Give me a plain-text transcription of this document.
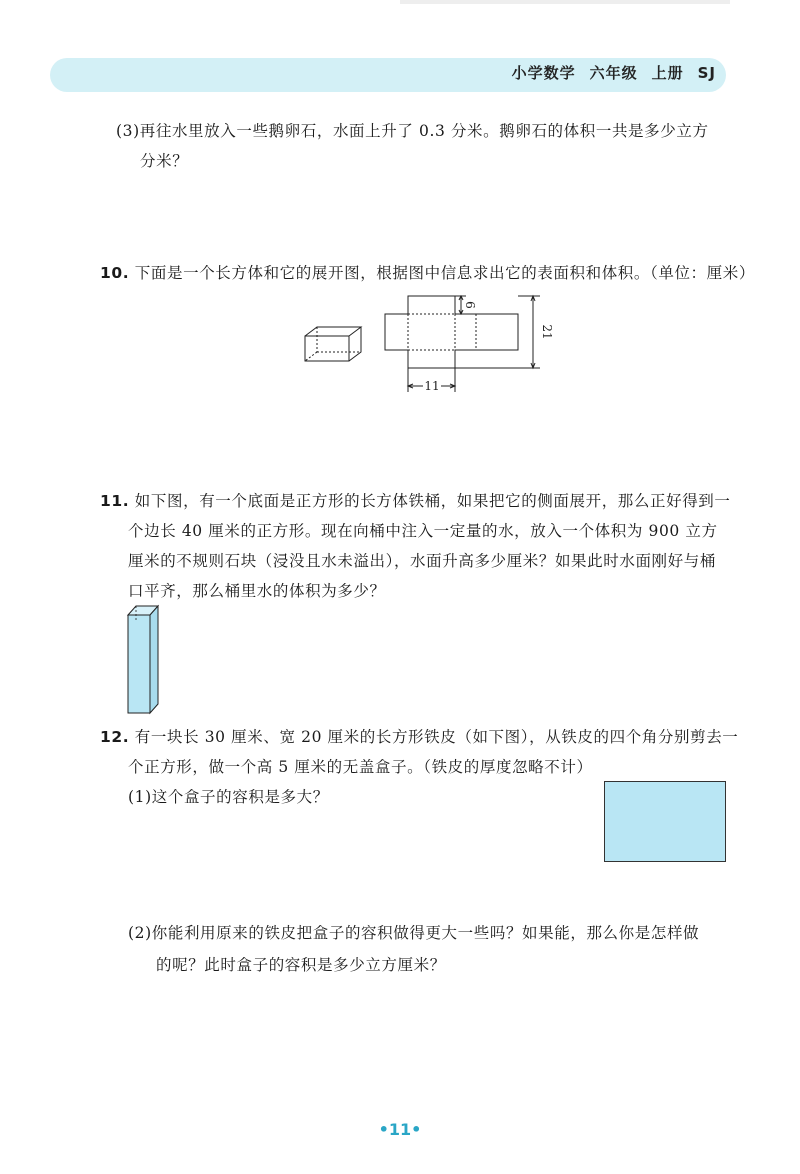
小学数学 六年级 上册 SJ
(3)再往水里放入一些鹅卵石，水面上升了 0.3 分米。鹅卵石的体积一共是多少立方
分米？
10. 下面是一个长方体和它的展开图，根据图中信息求出它的表面积和体积。（单位：厘米）
6
21
11
11. 如下图，有一个底面是正方形的长方体铁桶，如果把它的侧面展开，那么正好得到一
个边长 40 厘米的正方形。现在向桶中注入一定量的水，放入一个体积为 900 立方
厘米的不规则石块（浸没且水未溢出），水面升高多少厘米？如果此时水面刚好与桶
口平齐，那么桶里水的体积为多少？
12. 有一块长 30 厘米、宽 20 厘米的长方形铁皮（如下图），从铁皮的四个角分别剪去一
个正方形，做一个高 5 厘米的无盖盒子。（铁皮的厚度忽略不计）
(1)这个盒子的容积是多大？
(2)你能利用原来的铁皮把盒子的容积做得更大一些吗？如果能，那么你是怎样做
的呢？此时盒子的容积是多少立方厘米？
•11•
